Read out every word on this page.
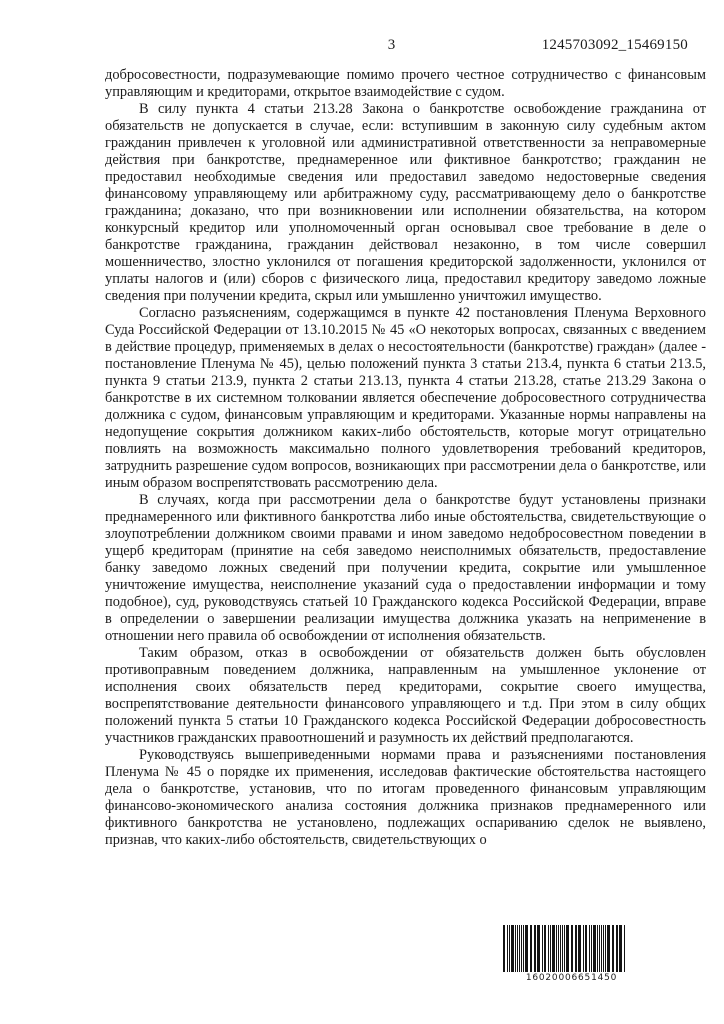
3	1245703092_15469150

добросовестности, подразумевающие помимо прочего честное сотрудничество с финансовым управляющим и кредиторами, открытое взаимодействие с судом.

В силу пункта 4 статьи 213.28 Закона о банкротстве освобождение гражданина от обязательств не допускается в случае, если: вступившим в законную силу судебным актом гражданин привлечен к уголовной или административной ответственности за неправомерные действия при банкротстве, преднамеренное или фиктивное банкротство; гражданин не предоставил необходимые сведения или предоставил заведомо недостоверные сведения финансовому управляющему или арбитражному суду, рассматривающему дело о банкротстве гражданина; доказано, что при возникновении или исполнении обязательства, на котором конкурсный кредитор или уполномоченный орган основывал свое требование в деле о банкротстве гражданина, гражданин действовал незаконно, в том числе совершил мошенничество, злостно уклонился от погашения кредиторской задолженности, уклонился от уплаты налогов и (или) сборов с физического лица, предоставил кредитору заведомо ложные сведения при получении кредита, скрыл или умышленно уничтожил имущество.

Согласно разъяснениям, содержащимся в пункте 42 постановления Пленума Верховного Суда Российской Федерации от 13.10.2015 № 45 «О некоторых вопросах, связанных с введением в действие процедур, применяемых в делах о несостоятельности (банкротстве) граждан» (далее - постановление Пленума № 45), целью положений пункта 3 статьи 213.4, пункта 6 статьи 213.5, пункта 9 статьи 213.9, пункта 2 статьи 213.13, пункта 4 статьи 213.28, статье 213.29 Закона о банкротстве в их системном толковании является обеспечение добросовестного сотрудничества должника с судом, финансовым управляющим и кредиторами. Указанные нормы направлены на недопущение сокрытия должником каких-либо обстоятельств, которые могут отрицательно повлиять на возможность максимально полного удовлетворения требований кредиторов, затруднить разрешение судом вопросов, возникающих при рассмотрении дела о банкротстве, или иным образом воспрепятствовать рассмотрению дела.

В случаях, когда при рассмотрении дела о банкротстве будут установлены признаки преднамеренного или фиктивного банкротства либо иные обстоятельства, свидетельствующие о злоупотреблении должником своими правами и ином заведомо недобросовестном поведении в ущерб кредиторам (принятие на себя заведомо неисполнимых обязательств, предоставление банку заведомо ложных сведений при получении кредита, сокрытие или умышленное уничтожение имущества, неисполнение указаний суда о предоставлении информации и тому подобное), суд, руководствуясь статьей 10 Гражданского кодекса Российской Федерации, вправе в определении о завершении реализации имущества должника указать на неприменение в отношении него правила об освобождении от исполнения обязательств.

Таким образом, отказ в освобождении от обязательств должен быть обусловлен противоправным поведением должника, направленным на умышленное уклонение от исполнения своих обязательств перед кредиторами, сокрытие своего имущества, воспрепятствование деятельности финансового управляющего и т.д. При этом в силу общих положений пункта 5 статьи 10 Гражданского кодекса Российской Федерации добросовестность участников гражданских правоотношений и разумность их действий предполагаются.

Руководствуясь вышеприведенными нормами права и разъяснениями постановления Пленума № 45 о порядке их применения, исследовав фактические обстоятельства настоящего дела о банкротстве, установив, что по итогам проведенного финансовым управляющим финансово-экономического анализа состояния должника признаков преднамеренного или фиктивного банкротства не установлено, подлежащих оспариванию сделок не выявлено, признав, что каких-либо обстоятельств, свидетельствующих о

16020006651450
